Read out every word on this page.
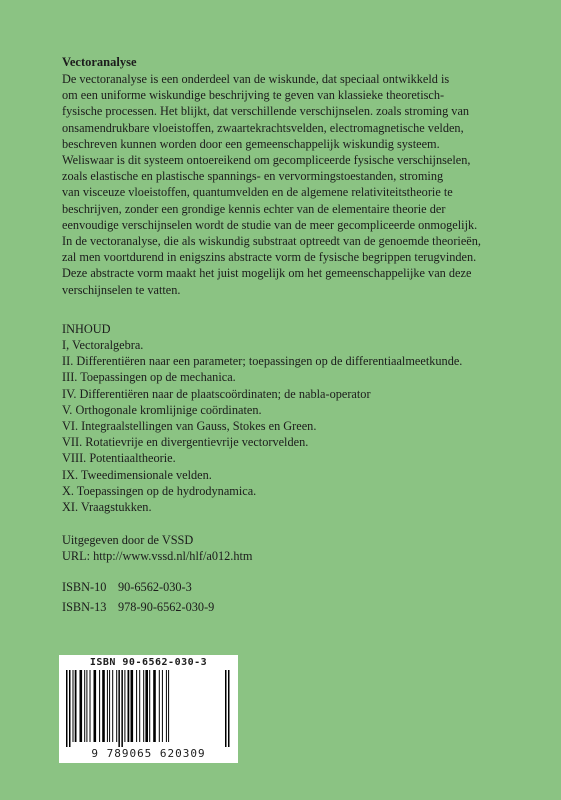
Vectoranalyse

De vectoranalyse is een onderdeel van de wiskunde, dat speciaal ontwikkeld is
om een uniforme wiskundige beschrijving te geven van klassieke theoretisch-
fysische processen. Het blijkt, dat verschillende verschijnselen. zoals stroming van
onsamendrukbare vloeistoffen, zwaartekrachtsvelden, electromagnetische velden,
beschreven kunnen worden door een gemeenschappelijk wiskundig systeem.
Weliswaar is dit systeem ontoereikend om gecompliceerde fysische verschijnselen,
zoals elastische en plastische spannings- en vervormingstoestanden, stroming
van visceuze vloeistoffen, quantumvelden en de algemene relativiteitstheorie te
beschrijven, zonder een grondige kennis echter van de elementaire theorie der
eenvoudige verschijnselen wordt de studie van de meer gecompliceerde onmogelijk.
In de vectoranalyse, die als wiskundig substraat optreedt van de genoemde theorieën,
zal men voortdurend in enigszins abstracte vorm de fysische begrippen terugvinden.
Deze abstracte vorm maakt het juist mogelijk om het gemeenschappelijke van deze
verschijnselen te vatten.

INHOUD
I, Vectoralgebra.
II. Differentiëren naar een parameter; toepassingen op de differentiaalmeetkunde.
III. Toepassingen op de mechanica.
IV. Differentiëren naar de plaatscoördinaten; de nabla-operator
V. Orthogonale kromlijnige coördinaten.
VI. Integraalstellingen van Gauss, Stokes en Green.
VII. Rotatievrije en divergentievrije vectorvelden.
VIII. Potentiaaltheorie.
IX. Tweedimensionale velden.
X. Toepassingen op de hydrodynamica.
XI. Vraagstukken.
Uitgegeven door de VSSD
URL: http://www.vssd.nl/hlf/a012.htm
ISBN-10 90-6562-030-3
ISBN-13 978-90-6562-030-9
ISBN 90-6562-030-3
9 789065 620309
